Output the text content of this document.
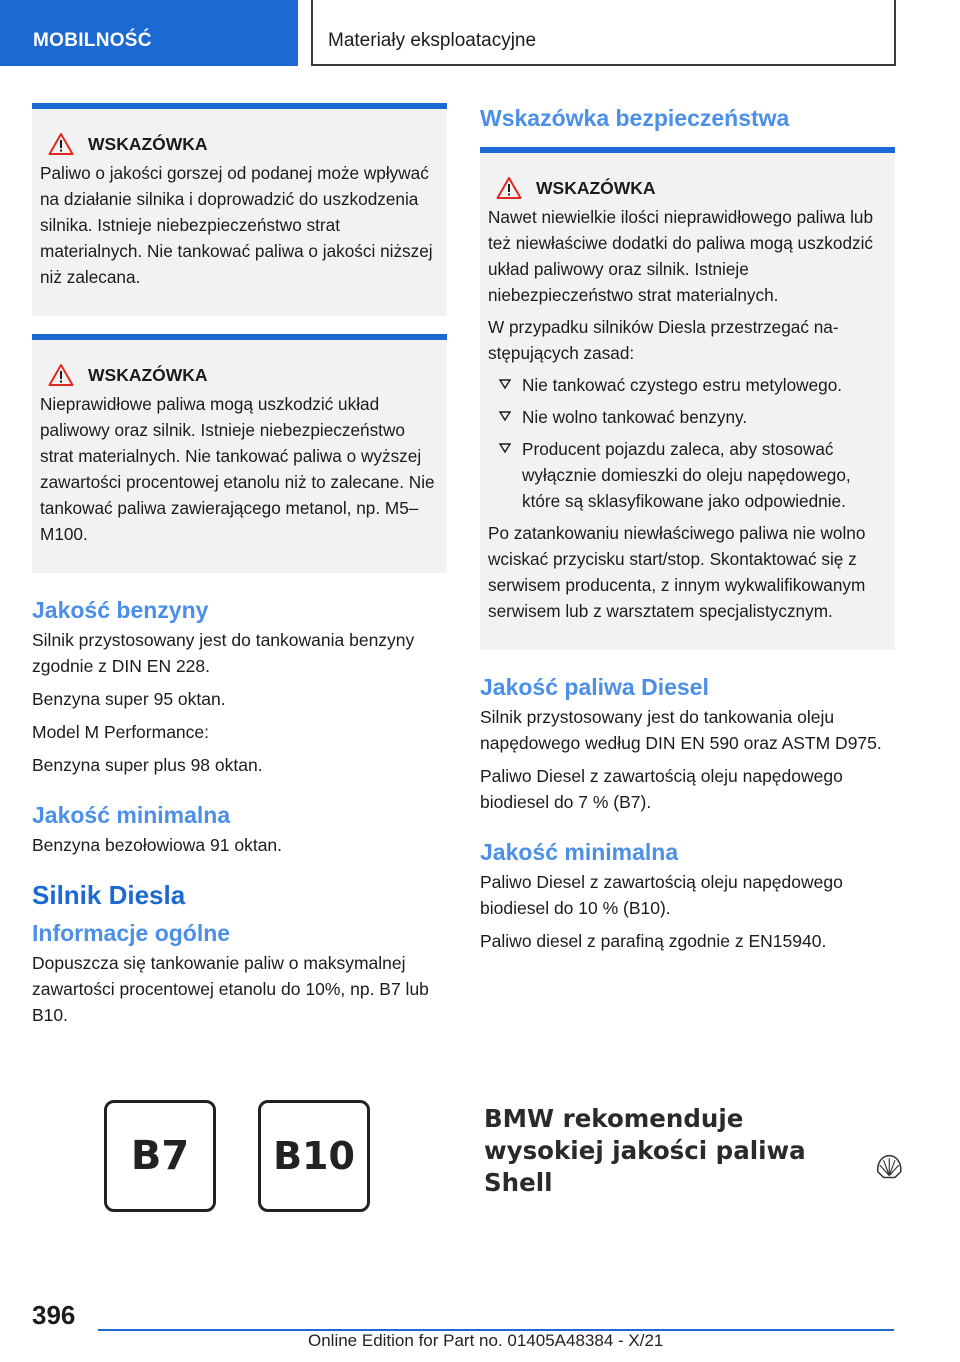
MOBILNOŚĆ	Materiały eksploatacyjne
WSKAZÓWKA

Paliwo o jakości gorszej od podanej może wpływać na działanie silnika i doprowadzić do uszkodzenia silnika. Istnieje niebezpieczeństwo strat materialnych. Nie tankować paliwa o jakości niższej niż zalecana.

WSKAZÓWKA

Nieprawidłowe paliwa mogą uszkodzić układ paliwowy oraz silnik. Istnieje niebezpieczeństwo strat materialnych. Nie tankować paliwa o wyższej zawartości procentowej etanolu niż to zalecane. Nie tankować paliwa zawierającego metanol, np. M5–M100.

Jakość benzyny

Silnik przystosowany jest do tankowania benzyny zgodnie z DIN EN 228.

Benzyna super 95 oktan.

Model M Performance:

Benzyna super plus 98 oktan.

Jakość minimalna

Benzyna bezołowiowa 91 oktan.

Silnik Diesla
Informacje ogólne

Dopuszcza się tankowanie paliw o maksymalnej zawartości procentowej etanolu do 10%, np. B7 lub B10.

Wskazówka bezpieczeństwa
WSKAZÓWKA

Nawet niewielkie ilości nieprawidłowego paliwa lub też niewłaściwe dodatki do paliwa mogą uszkodzić układ paliwowy oraz silnik. Istnieje niebezpieczeństwo strat materialnych.

W przypadku silników Diesla przestrzegać następujących zasad:

Nie tankować czystego estru metylowego.
Nie wolno tankować benzyny.
Producent pojazdu zaleca, aby stosować wyłącznie domieszki do oleju napędowego, które są sklasyfikowane jako odpowiednie.

Po zatankowaniu niewłaściwego paliwa nie wolno wciskać przycisku start/stop. Skontaktować się z serwisem producenta, z innym wykwalifikowanym serwisem lub z warsztatem specjalistycznym.

Jakość paliwa Diesel

Silnik przystosowany jest do tankowania oleju napędowego według DIN EN 590 oraz ASTM D975.

Paliwo Diesel z zawartością oleju napędowego biodiesel do 7 % (B7).

Jakość minimalna

Paliwo Diesel z zawartością oleju napędowego biodiesel do 10 % (B10).

Paliwo diesel z parafiną zgodnie z EN15940.

B7	B10
BMW rekomenduje
wysokiej jakości paliwa Shell
396
Online Edition for Part no. 01405A48384 - X/21
